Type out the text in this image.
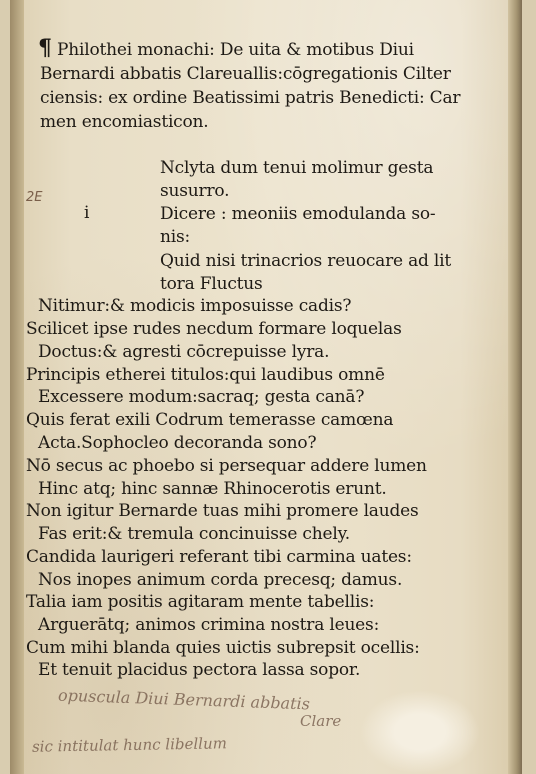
¶ Philothei monachi: De uita & motibus Diui
Bernardi abbatis Clareuallis:cōgregationis Cilter
ciensis: ex ordine Beatissimi patris Benedicti: Car
men encomiasticon.
2E
i
Nclyta dum tenui molimur gesta
susurro.
Dicere : meoniis emodulanda so-
nis:
Quid nisi trinacrios reuocare ad lit
tora Fluctus
Nitimur:& modicis imposuisse cadis?
Scilicet ipse rudes necdum formare loquelas
Doctus:& agresti cōcrepuisse lyra.
Principis etherei titulos:qui laudibus omnē
Excessere modum:sacraq; gesta canā?
Quis ferat exili Codrum temerasse camœna
Acta.Sophocleo decoranda sono?
Nō secus ac phoebo si persequar addere lumen
Hinc atq; hinc sannæ Rhinocerotis erunt.
Non igitur Bernarde tuas mihi promere laudes
Fas erit:& tremula concinuisse chely.
Candida laurigeri referant tibi carmina uates:
Nos inopes animum corda precesq; damus.
Talia iam positis agitaram mente tabellis:
Arguerātq; animos crimina nostra leues:
Cum mihi blanda quies uictis subrepsit ocellis:
Et tenuit placidus pectora lassa sopor.
opuscula Diui Bernardi abbatis
Clare
sic intitulat hunc libellum
